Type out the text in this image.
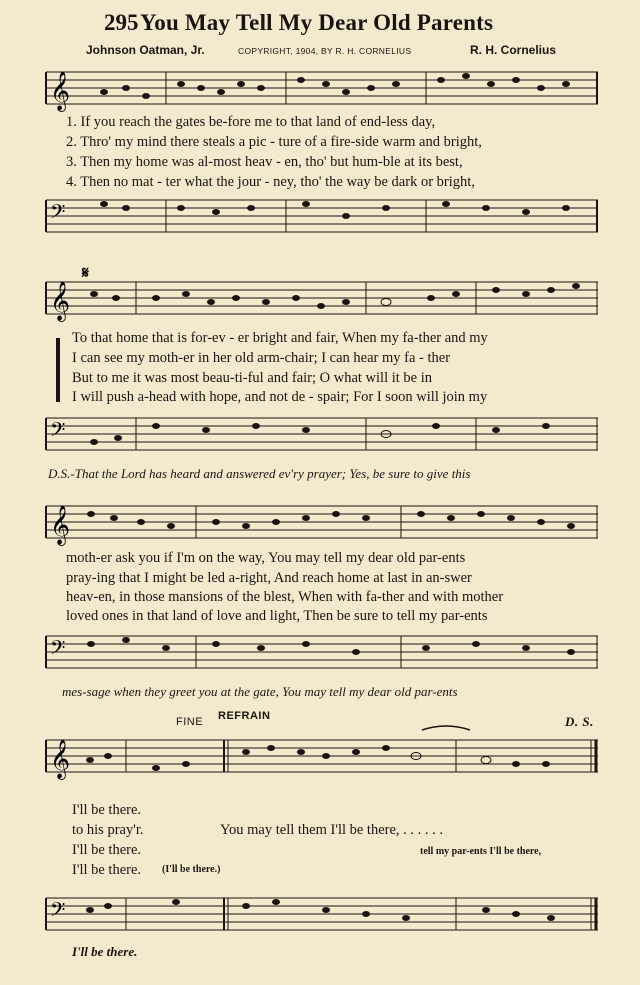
295 You May Tell My Dear Old Parents
Johnson Oatman, Jr.	COPYRIGHT, 1904, BY R. H. CORNELIUS	R. H. Cornelius
𝄞
1. If you reach the gates be-fore me to that land of end-less day,
2. Thro' my mind there steals a pic - ture of a fire-side warm and bright,
3. Then my home was al-most heav - en, tho' but hum-ble at its best,
4. Then no mat - ter what the jour - ney, tho' the way be dark or bright,
𝄢
𝄞
𝄋
To that home that is for-ev - er bright and fair, When my fa-ther and my
I can see my moth-er in her old arm-chair; I can hear my fa - ther
But to me it was most beau-ti-ful and fair; O what will it be in
I will push a-head with hope, and not de - spair; For I soon will join my
𝄢
D.S.-That the Lord has heard and answered ev'ry prayer; Yes, be sure to give this
𝄞
moth-er ask you if I'm on the way, You may tell my dear old par-ents
pray-ing that I might be led a-right, And reach home at last in an-swer
heav-en, in those mansions of the blest, When with fa-ther and with mother
loved ones in that land of love and light, Then be sure to tell my par-ents
𝄢
mes-sage when they greet you at the gate, You may tell my dear old par-ents
FINE REFRAIN	D. S.
𝄞
I'll be there.
to his pray'r.	You may tell them I'll be there, . . . . . .
I'll be there.	tell my par-ents I'll be there,
I'll be there. (I'll be there.)
𝄢
I'll be there.
